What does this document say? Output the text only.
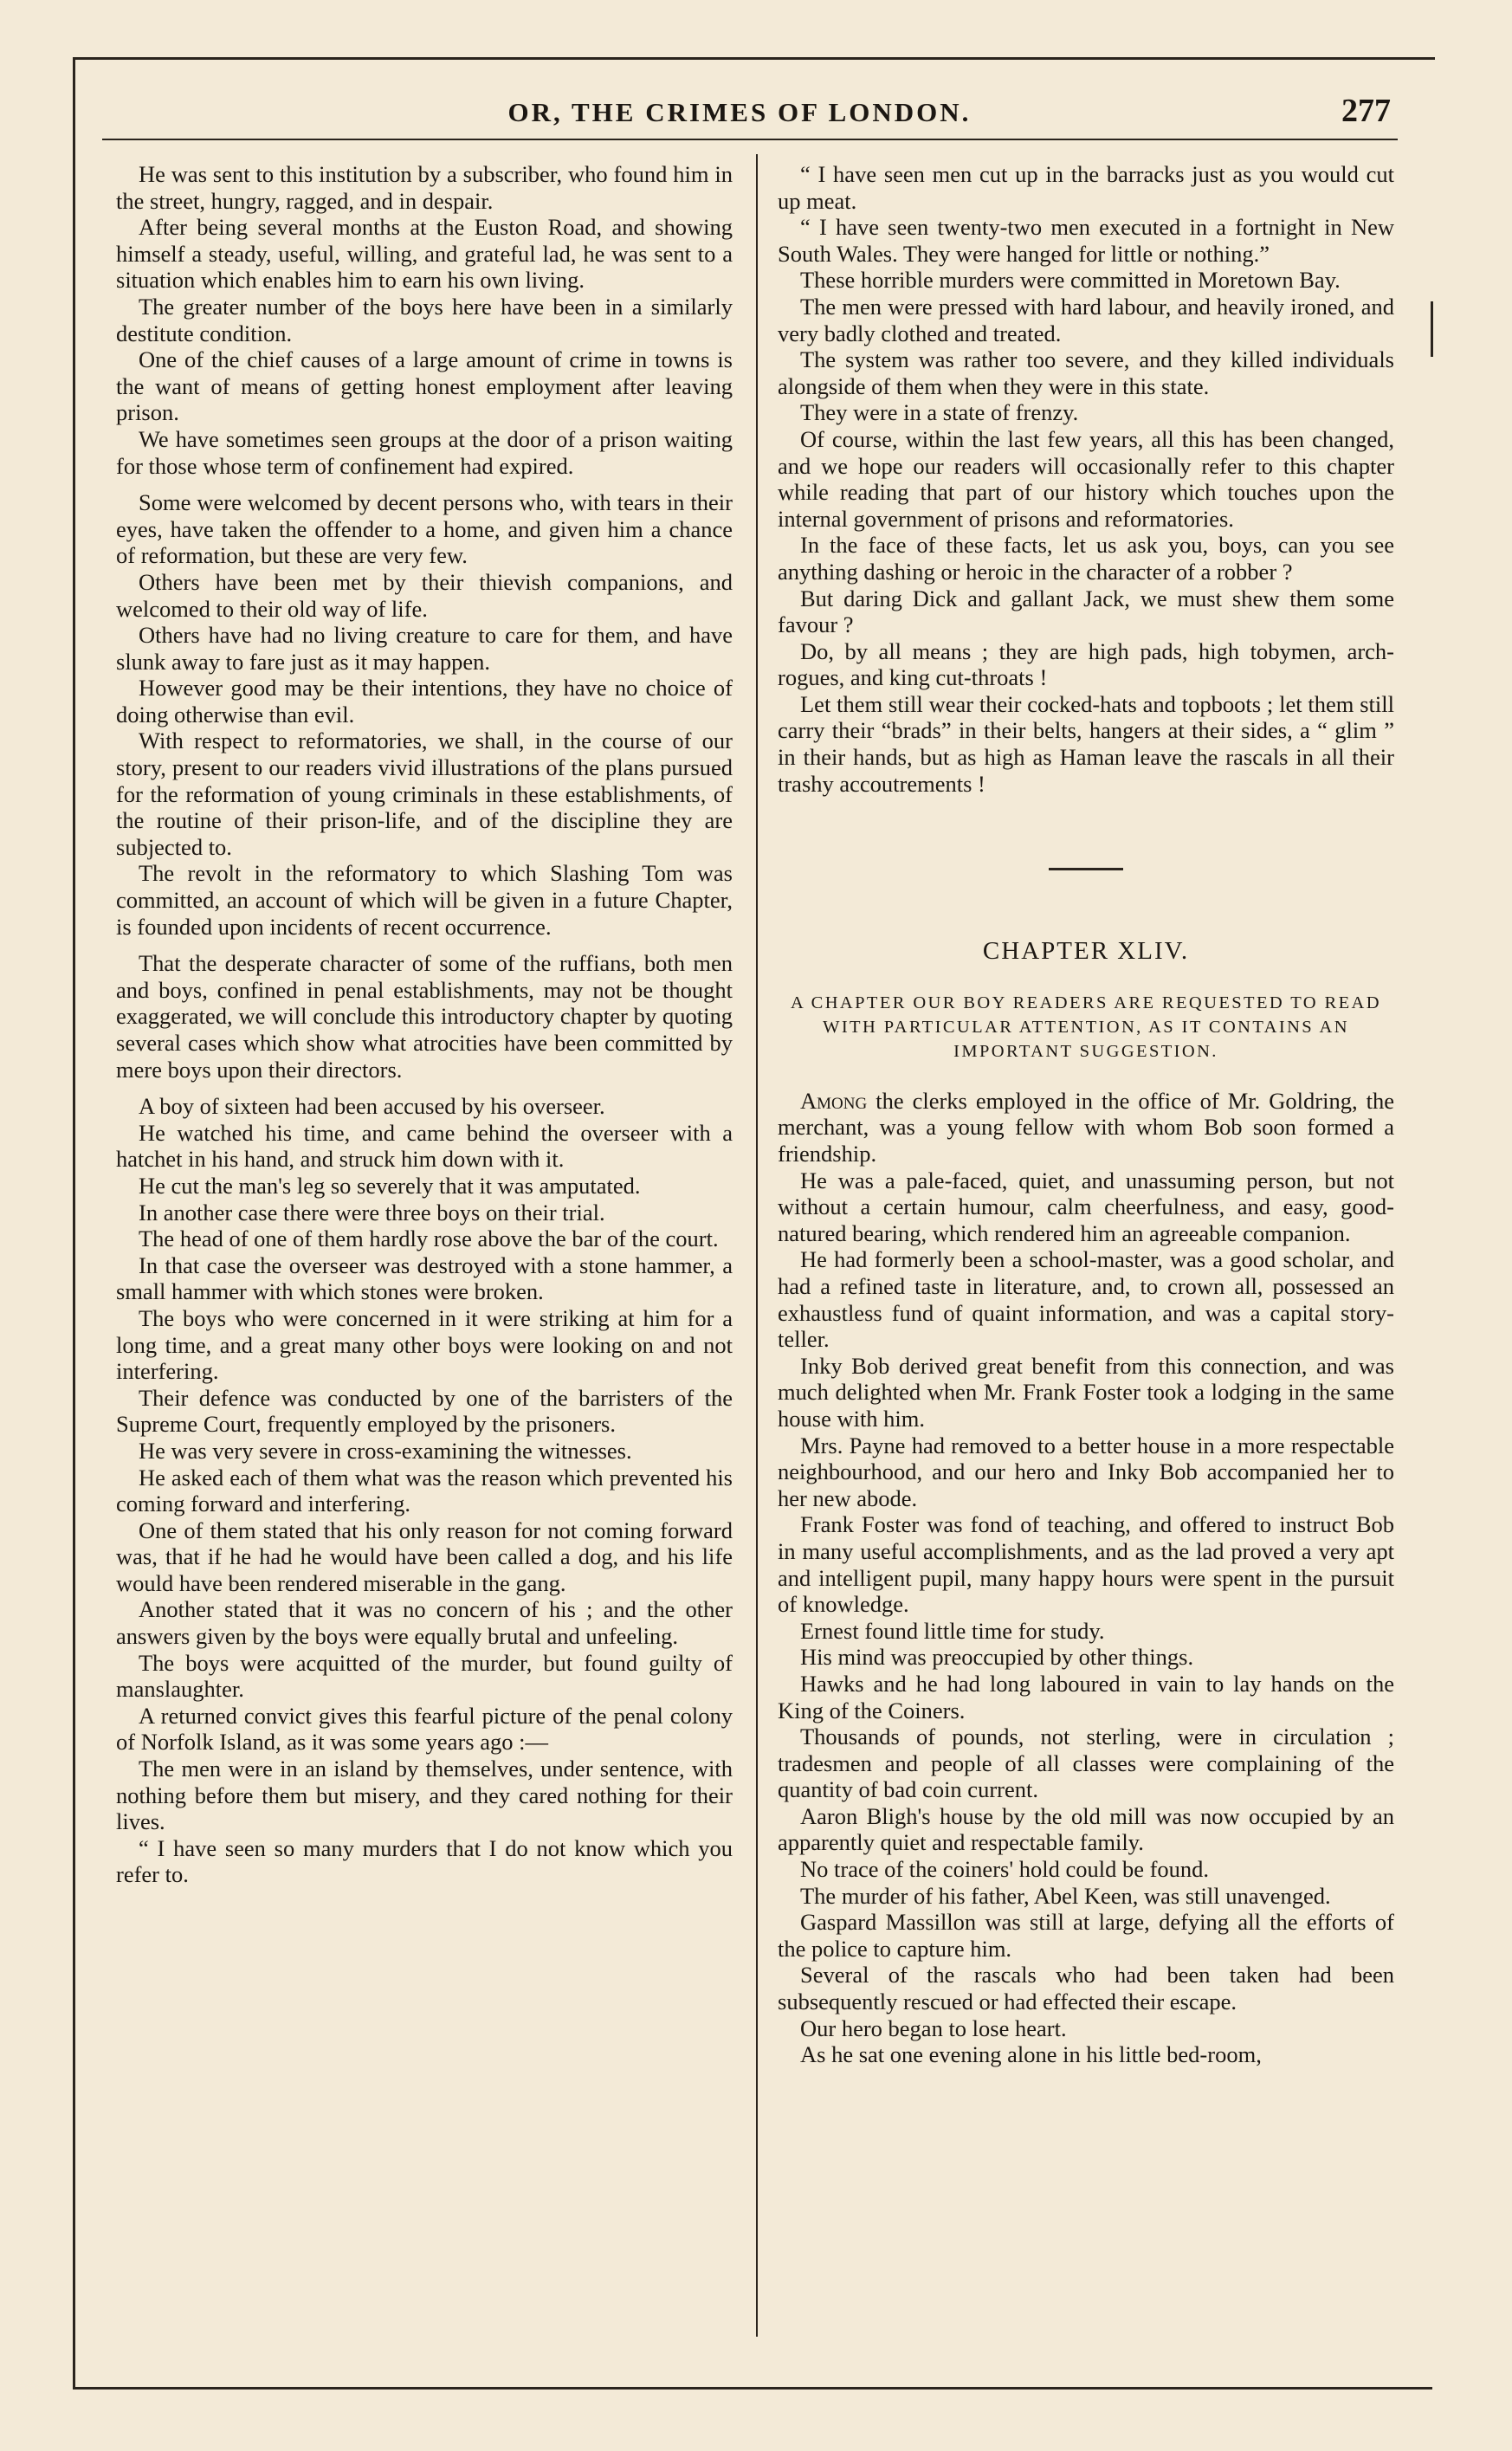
OR, THE CRIMES OF LONDON.	277

He was sent to this institution by a subscriber, who found him in the street, hungry, ragged, and in despair.

After being several months at the Euston Road, and showing himself a steady, useful, willing, and grateful lad, he was sent to a situation which enables him to earn his own living.

The greater number of the boys here have been in a similarly destitute condition.

One of the chief causes of a large amount of crime in towns is the want of means of getting honest employment after leaving prison.

We have sometimes seen groups at the door of a prison waiting for those whose term of confinement had expired.

Some were welcomed by decent persons who, with tears in their eyes, have taken the offender to a home, and given him a chance of reformation, but these are very few.

Others have been met by their thievish companions, and welcomed to their old way of life.

Others have had no living creature to care for them, and have slunk away to fare just as it may happen.

However good may be their intentions, they have no choice of doing otherwise than evil.

With respect to reformatories, we shall, in the course of our story, present to our readers vivid illustrations of the plans pursued for the reformation of young criminals in these establishments, of the routine of their prison-life, and of the discipline they are subjected to.

The revolt in the reformatory to which Slashing Tom was committed, an account of which will be given in a future Chapter, is founded upon incidents of recent occurrence.

That the desperate character of some of the ruffians, both men and boys, confined in penal establishments, may not be thought exaggerated, we will conclude this introductory chapter by quoting several cases which show what atrocities have been committed by mere boys upon their directors.

A boy of sixteen had been accused by his overseer.

He watched his time, and came behind the overseer with a hatchet in his hand, and struck him down with it.

He cut the man's leg so severely that it was amputated.

In another case there were three boys on their trial.

The head of one of them hardly rose above the bar of the court.

In that case the overseer was destroyed with a stone hammer, a small hammer with which stones were broken.

The boys who were concerned in it were striking at him for a long time, and a great many other boys were looking on and not interfering.

Their defence was conducted by one of the barristers of the Supreme Court, frequently employed by the prisoners.

He was very severe in cross-examining the witnesses.

He asked each of them what was the reason which prevented his coming forward and interfering.

One of them stated that his only reason for not coming forward was, that if he had he would have been called a dog, and his life would have been rendered miserable in the gang.

Another stated that it was no concern of his ; and the other answers given by the boys were equally brutal and unfeeling.

The boys were acquitted of the murder, but found guilty of manslaughter.

A returned convict gives this fearful picture of the penal colony of Norfolk Island, as it was some years ago :—

The men were in an island by themselves, under sentence, with nothing before them but misery, and they cared nothing for their lives.

“ I have seen so many murders that I do not know which you refer to.

“ I have seen men cut up in the barracks just as you would cut up meat.

“ I have seen twenty-two men executed in a fortnight in New South Wales. They were hanged for little or nothing.”

These horrible murders were committed in Moretown Bay.

The men were pressed with hard labour, and heavily ironed, and very badly clothed and treated.

The system was rather too severe, and they killed individuals alongside of them when they were in this state.

They were in a state of frenzy.

Of course, within the last few years, all this has been changed, and we hope our readers will occasionally refer to this chapter while reading that part of our history which touches upon the internal government of prisons and reformatories.

In the face of these facts, let us ask you, boys, can you see anything dashing or heroic in the character of a robber ?

But daring Dick and gallant Jack, we must shew them some favour ?

Do, by all means ; they are high pads, high tobymen, arch-rogues, and king cut-throats !

Let them still wear their cocked-hats and topboots ; let them still carry their “brads” in their belts, hangers at their sides, a “ glim ” in their hands, but as high as Haman leave the rascals in all their trashy accoutrements !

CHAPTER XLIV.
A CHAPTER OUR BOY READERS ARE REQUESTED TO READ WITH PARTICULAR ATTENTION, AS IT CONTAINS AN IMPORTANT SUGGESTION.

Among the clerks employed in the office of Mr. Goldring, the merchant, was a young fellow with whom Bob soon formed a friendship.

He was a pale-faced, quiet, and unassuming person, but not without a certain humour, calm cheerfulness, and easy, good-natured bearing, which rendered him an agreeable companion.

He had formerly been a school-master, was a good scholar, and had a refined taste in literature, and, to crown all, possessed an exhaustless fund of quaint information, and was a capital story-teller.

Inky Bob derived great benefit from this connection, and was much delighted when Mr. Frank Foster took a lodging in the same house with him.

Mrs. Payne had removed to a better house in a more respectable neighbourhood, and our hero and Inky Bob accompanied her to her new abode.

Frank Foster was fond of teaching, and offered to instruct Bob in many useful accomplishments, and as the lad proved a very apt and intelligent pupil, many happy hours were spent in the pursuit of knowledge.

Ernest found little time for study.

His mind was preoccupied by other things.

Hawks and he had long laboured in vain to lay hands on the King of the Coiners.

Thousands of pounds, not sterling, were in circulation ; tradesmen and people of all classes were complaining of the quantity of bad coin current.

Aaron Bligh's house by the old mill was now occupied by an apparently quiet and respectable family.

No trace of the coiners' hold could be found.

The murder of his father, Abel Keen, was still unavenged.

Gaspard Massillon was still at large, defying all the efforts of the police to capture him.

Several of the rascals who had been taken had been subsequently rescued or had effected their escape.

Our hero began to lose heart.

As he sat one evening alone in his little bed-room,
